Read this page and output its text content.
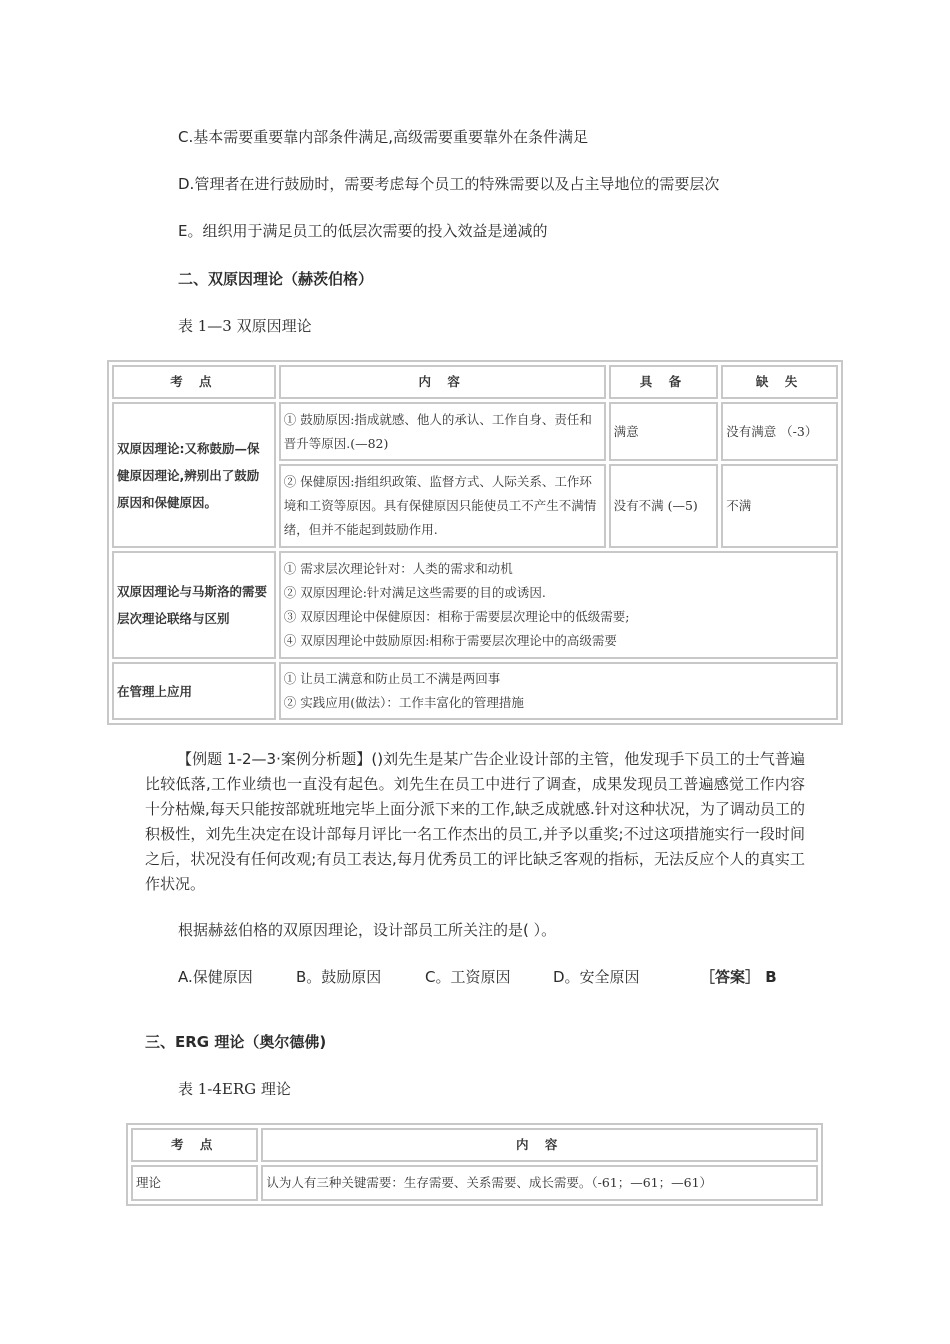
C.基本需要重要靠内部条件满足,高级需要重要靠外在条件满足
D.管理者在进行鼓励时，需要考虑每个员工的特殊需要以及占主导地位的需要层次
E。组织用于满足员工的低层次需要的投入效益是递减的
二、双原因理论（赫茨伯格）
表 1—3 双原因理论
考 点	内 容	具 备	缺 失
双原因理论:又称鼓励—保健原因理论,辨别出了鼓励原因和保健原因。	① 鼓励原因:指成就感、他人的承认、工作自身、责任和晋升等原因.(—82)	满意	没有满意 （-3）
	② 保健原因:指组织政策、监督方式、人际关系、工作环境和工资等原因。具有保健原因只能使员工不产生不满情绪，但并不能起到鼓励作用.	没有不满 (—5)	不满
双原因理论与马斯洛的需要层次理论联络与区别	① 需求层次理论针对：人类的需求和动机
② 双原因理论:针对满足这些需要的目的或诱因.
③ 双原因理论中保健原因：相称于需要层次理论中的低级需要;
④ 双原因理论中鼓励原因:相称于需要层次理论中的高级需要		

在管理上应用	① 让员工满意和防止员工不满是两回事
② 实践应用(做法）：工作丰富化的管理措施		
【例题 1-2—3·案例分析题】()刘先生是某广告企业设计部的主管，他发现手下员工的士气普遍比较低落,工作业绩也一直没有起色。刘先生在员工中进行了调查，成果发现员工普遍感觉工作内容十分枯燥,每天只能按部就班地完毕上面分派下来的工作,缺乏成就感.针对这种状况，为了调动员工的积极性，刘先生决定在设计部每月评比一名工作杰出的员工,并予以重奖;不过这项措施实行一段时间之后，状况没有任何改观;有员工表达,每月优秀员工的评比缺乏客观的指标，无法反应个人的真实工作状况。
根据赫兹伯格的双原因理论，设计部员工所关注的是( ）。
A.保健原因	B。鼓励原因	C。工资原因	D。安全原因	［答案］ B
三、ERG 理论（奥尔德佛)
表 1-4ERG 理论
考 点	内 容
理论	认为人有三种关键需要：生存需要、关系需要、成长需要。（-61；—61；—61）
